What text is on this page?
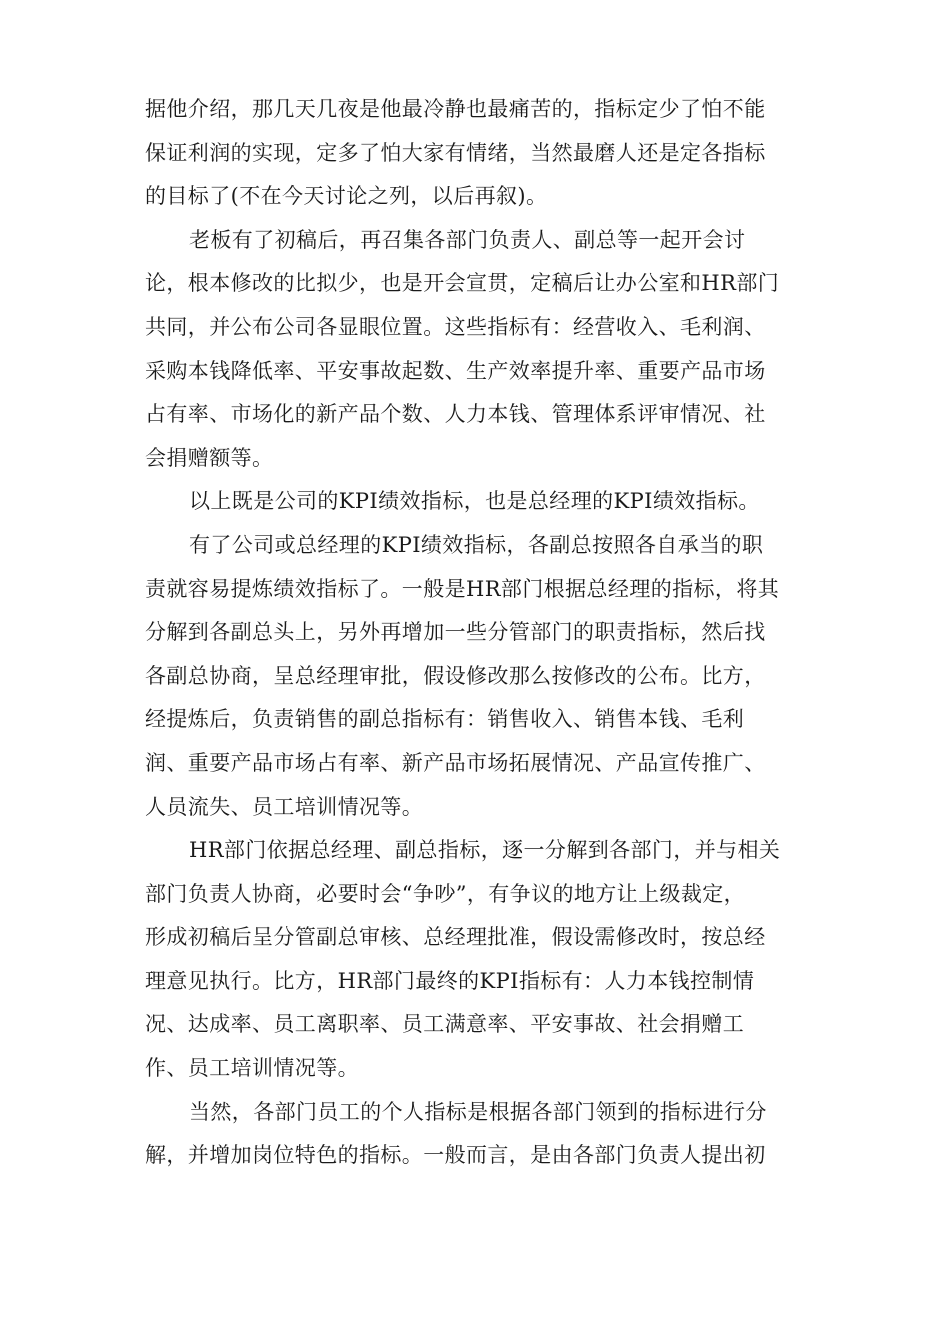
据他介绍，那几天几夜是他最冷静也最痛苦的，指标定少了怕不能
保证利润的实现，定多了怕大家有情绪，当然最磨人还是定各指标
的目标了(不在今天讨论之列，以后再叙)。
老板有了初稿后，再召集各部门负责人、副总等一起开会讨
论，根本修改的比拟少，也是开会宣贯，定稿后让办公室和HR部门
共同，并公布公司各显眼位置。这些指标有：经营收入、毛利润、
采购本钱降低率、平安事故起数、生产效率提升率、重要产品市场
占有率、市场化的新产品个数、人力本钱、管理体系评审情况、社
会捐赠额等。
以上既是公司的KPI绩效指标，也是总经理的KPI绩效指标。
有了公司或总经理的KPI绩效指标，各副总按照各自承当的职
责就容易提炼绩效指标了。一般是HR部门根据总经理的指标，将其
分解到各副总头上，另外再增加一些分管部门的职责指标，然后找
各副总协商，呈总经理审批，假设修改那么按修改的公布。比方，
经提炼后，负责销售的副总指标有：销售收入、销售本钱、毛利
润、重要产品市场占有率、新产品市场拓展情况、产品宣传推广、
人员流失、员工培训情况等。
HR部门依据总经理、副总指标，逐一分解到各部门，并与相关
部门负责人协商，必要时会“争吵”，有争议的地方让上级裁定，
形成初稿后呈分管副总审核、总经理批准，假设需修改时，按总经
理意见执行。比方，HR部门最终的KPI指标有：人力本钱控制情
况、达成率、员工离职率、员工满意率、平安事故、社会捐赠工
作、员工培训情况等。
当然，各部门员工的个人指标是根据各部门领到的指标进行分
解，并增加岗位特色的指标。一般而言，是由各部门负责人提出初
